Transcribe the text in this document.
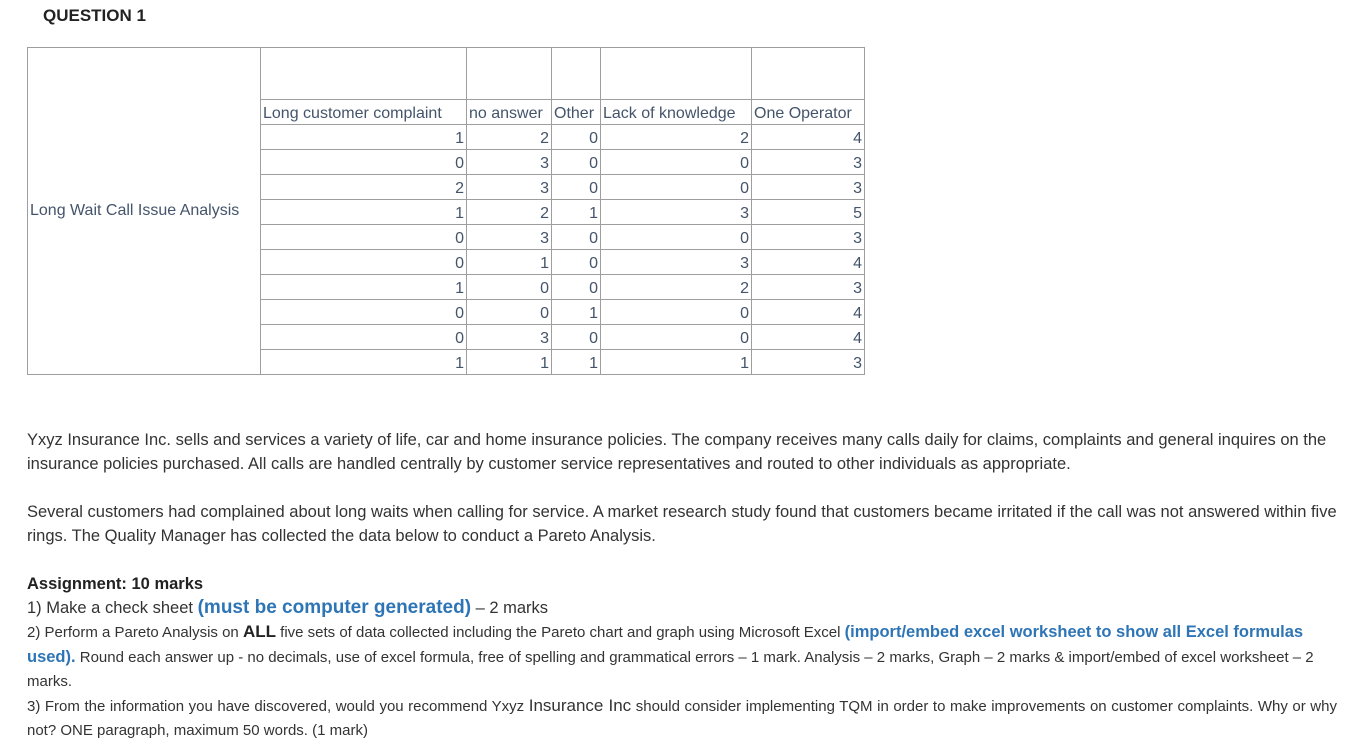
QUESTION 1
Long Wait Call Issue Analysis					
	Long customer complaint	no answer	Other	Lack of knowledge	One Operator
	1	2	0	2	4
	0	3	0	0	3
	2	3	0	0	3
	1	2	1	3	5
	0	3	0	0	3
	0	1	0	3	4
	1	0	0	2	3
	0	0	1	0	4
	0	3	0	0	4
	1	1	1	1	3
Yxyz Insurance Inc. sells and services a variety of life, car and home insurance policies. The company receives many calls daily for claims, complaints and general inquires on the insurance policies purchased. All calls are handled centrally by customer service representatives and routed to other individuals as appropriate.
Several customers had complained about long waits when calling for service. A market research study found that customers became irritated if the call was not answered within five rings. The Quality Manager has collected the data below to conduct a Pareto Analysis.
Assignment: 10 marks
1) Make a check sheet (must be computer generated) – 2 marks
2) Perform a Pareto Analysis on ALL five sets of data collected including the Pareto chart and graph using Microsoft Excel (import/embed excel worksheet to show all Excel formulas used). Round each answer up - no decimals, use of excel formula, free of spelling and grammatical errors – 1 mark. Analysis – 2 marks, Graph – 2 marks & import/embed of excel worksheet – 2 marks.
3) From the information you have discovered, would you recommend Yxyz Insurance Inc should consider implementing TQM in order to make improvements on customer complaints. Why or why not? ONE paragraph, maximum 50 words. (1 mark)
